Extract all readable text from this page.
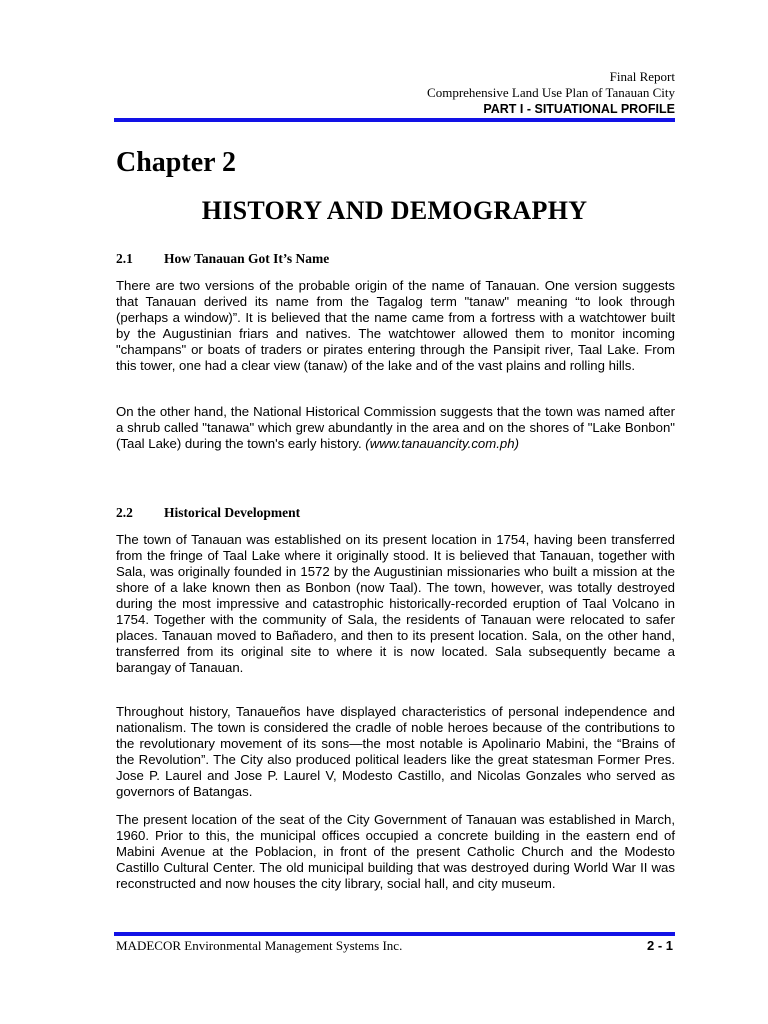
Final Report
Comprehensive Land Use Plan of Tanauan City
PART I - SITUATIONAL PROFILE
Chapter 2
HISTORY AND DEMOGRAPHY
2.1 How Tanauan Got It’s Name
There are two versions of the probable origin of the name of Tanauan. One version suggests that Tanauan derived its name from the Tagalog term "tanaw" meaning “to look through (perhaps a window)”. It is believed that the name came from a fortress with a watchtower built by the Augustinian friars and natives. The watchtower allowed them to monitor incoming "champans" or boats of traders or pirates entering through the Pansipit river, Taal Lake. From this tower, one had a clear view (tanaw) of the lake and of the vast plains and rolling hills.
On the other hand, the National Historical Commission suggests that the town was named after a shrub called "tanawa" which grew abundantly in the area and on the shores of "Lake Bonbon" (Taal Lake) during the town's early history. (www.tanauancity.com.ph)
2.2 Historical Development
The town of Tanauan was established on its present location in 1754, having been transferred from the fringe of Taal Lake where it originally stood. It is believed that Tanauan, together with Sala, was originally founded in 1572 by the Augustinian missionaries who built a mission at the shore of a lake known then as Bonbon (now Taal). The town, however, was totally destroyed during the most impressive and catastrophic historically-recorded eruption of Taal Volcano in 1754. Together with the community of Sala, the residents of Tanauan were relocated to safer places. Tanauan moved to Bañadero, and then to its present location. Sala, on the other hand, transferred from its original site to where it is now located. Sala subsequently became a barangay of Tanauan.
Throughout history, Tanaueños have displayed characteristics of personal independence and nationalism. The town is considered the cradle of noble heroes because of the contributions to the revolutionary movement of its sons—the most notable is Apolinario Mabini, the “Brains of the Revolution”. The City also produced political leaders like the great statesman Former Pres. Jose P. Laurel and Jose P. Laurel V, Modesto Castillo, and Nicolas Gonzales who served as governors of Batangas.
The present location of the seat of the City Government of Tanauan was established in March, 1960. Prior to this, the municipal offices occupied a concrete building in the eastern end of Mabini Avenue at the Poblacion, in front of the present Catholic Church and the Modesto Castillo Cultural Center. The old municipal building that was destroyed during World War II was reconstructed and now houses the city library, social hall, and city museum.
MADECOR Environmental Management Systems Inc.	2 - 1
